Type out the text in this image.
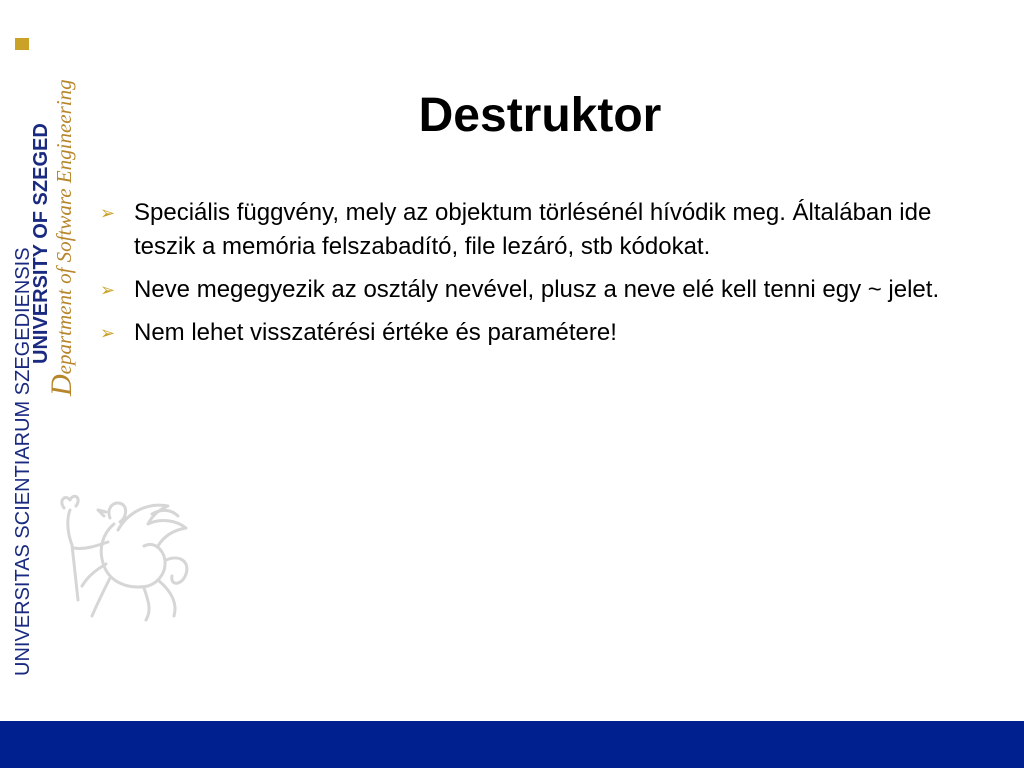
UNIVERSITAS SCIENTIARUM SZEGEDIENSIS
UNIVERSITY OF SZEGED
Department of Software Engineering	Destruktor
➢ Speciális függvény, mely az objektum törlésénél hívódik meg. Általában ide teszik a memória felszabadító, file lezáró, stb kódokat.
➢ Neve megegyezik az osztály nevével, plusz a neve elé kell tenni egy ~ jelet.
➢ Nem lehet visszatérési értéke és paramétere!
